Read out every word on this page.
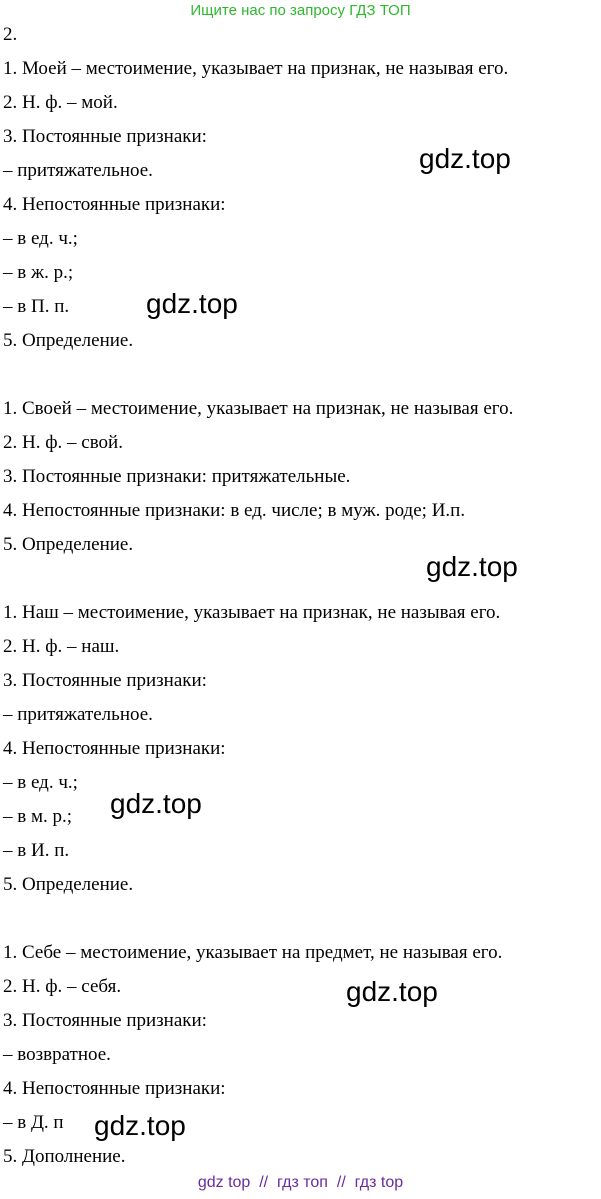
Ищите нас по запросу ГДЗ ТОП

2.
1. Моей – местоимение, указывает на признак, не называя его.
2. Н. ф. – мой.
3. Постоянные признаки:
– притяжательное.
4. Непостоянные признаки:
– в ед. ч.;
– в ж. р.;
– в П. п.
5. Определение.
1. Своей – местоимение, указывает на признак, не называя его.
2. Н. ф. – свой.
3. Постоянные признаки: притяжательные.
4. Непостоянные признаки: в ед. числе; в муж. роде; И.п.
5. Определение.
1. Наш – местоимение, указывает на признак, не называя его.
2. Н. ф. – наш.
3. Постоянные признаки:
– притяжательное.
4. Непостоянные признаки:
– в ед. ч.;
– в м. р.;
– в И. п.
5. Определение.
1. Себе – местоимение, указывает на предмет, не называя его.
2. Н. ф. – себя.
3. Постоянные признаки:
– возвратное.
4. Непостоянные признаки:
– в Д. п
5. Дополнение.

gdz.top

gdz.top

gdz.top

gdz.top

gdz.top

gdz.top

gdz top // гдз топ // гдз top
